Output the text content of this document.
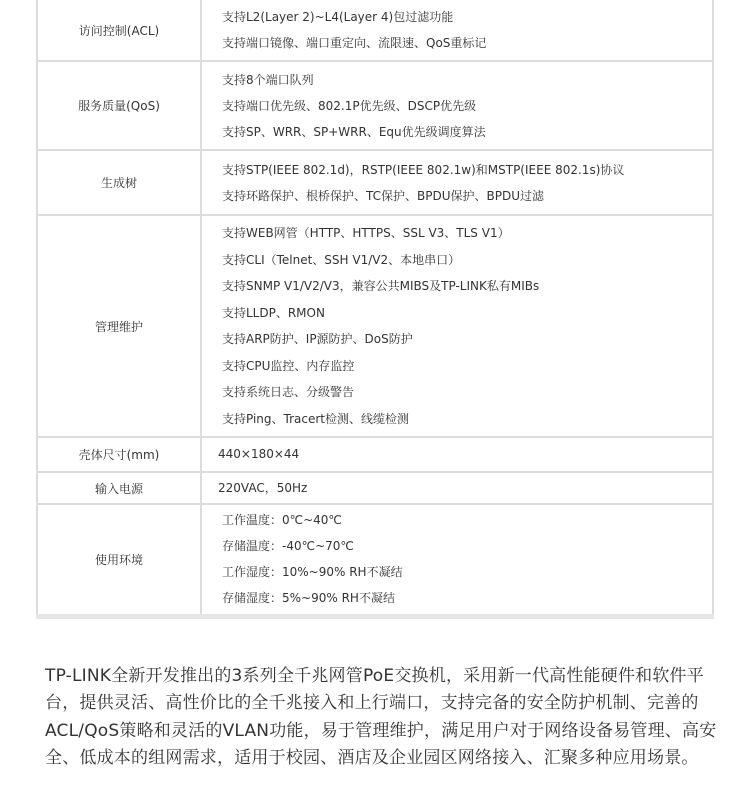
访问控制(ACL)	支持L2(Layer 2)~L4(Layer 4)包过滤功能
支持端口镜像、端口重定向、流限速、QoS重标记

服务质量(QoS)	支持8个端口队列
支持端口优先级、802.1P优先级、DSCP优先级
支持SP、WRR、SP+WRR、Equ优先级调度算法

生成树	支持STP(IEEE 802.1d)，RSTP(IEEE 802.1w)和MSTP(IEEE 802.1s)协议
支持环路保护、根桥保护、TC保护、BPDU保护、BPDU过滤

管理维护	
支持WEB网管（HTTP、HTTPS、SSL V3、TLS V1）
支持CLI（Telnet、SSH V1/V2、本地串口）
支持SNMP V1/V2/V3，兼容公共MIBS及TP-LINK私有MIBs
支持LLDP、RMON
支持ARP防护、IP源防护、DoS防护
支持CPU监控、内存监控
支持系统日志、分级警告
支持Ping、Tracert检测、线缆检测

壳体尺寸(mm)	440×180×44

输入电源	220VAC，50Hz

使用环境	工作温度：0℃~40℃
存储温度：-40℃~70℃
工作湿度：10%~90% RH不凝结
存储湿度：5%~90% RH不凝结

TP-LINK全新开发推出的3系列全千兆网管PoE交换机，采用新一代高性能硬件和软件平台，提供灵活、高性价比的全千兆接入和上行端口，支持完备的安全防护机制、完善的ACL/QoS策略和灵活的VLAN功能，易于管理维护，满足用户对于网络设备易管理、高安全、低成本的组网需求，适用于校园、酒店及企业园区网络接入、汇聚多种应用场景。
